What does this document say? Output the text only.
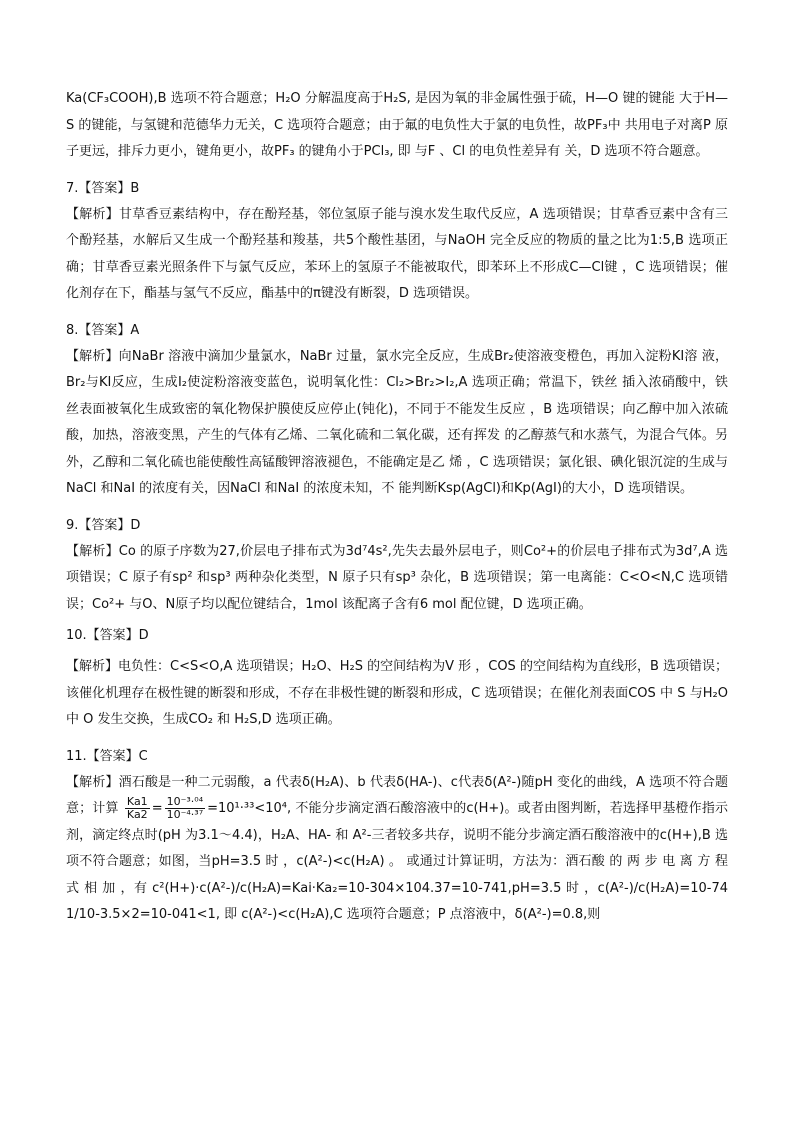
Ka(CF₃COOH),B 选项不符合题意；H₂O 分解温度高于H₂S, 是因为氧的非金属性强于硫，H—O 键的键能 大于H—S 的键能，与氢键和范德华力无关，C 选项符合题意；由于氟的电负性大于氯的电负性，故PF₃中 共用电子对离P 原子更远，排斥力更小，键角更小，故PF₃ 的键角小于PCl₃, 即 与F 、Cl 的电负性差异有 关，D 选项不符合题意。

7.【答案】B

【解析】甘草香豆素结构中，存在酚羟基，邻位氢原子能与溴水发生取代反应，A 选项错误；甘草香豆素中含有三个酚羟基，水解后又生成一个酚羟基和羧基，共5个酸性基团，与NaOH 完全反应的物质的量之比为1:5,B 选项正确；甘草香豆素光照条件下与氯气反应，苯环上的氢原子不能被取代，即苯环上不形成C—Cl键 ，C 选项错误；催化剂存在下，酯基与氢气不反应，酯基中的π键没有断裂，D 选项错误。

8.【答案】A

【解析】向NaBr 溶液中滴加少量氯水，NaBr 过量，氯水完全反应，生成Br₂使溶液变橙色，再加入淀粉KI溶 液，Br₂与KI反应，生成I₂使淀粉溶液变蓝色，说明氧化性：Cl₂>Br₂>I₂,A 选项正确；常温下，铁丝 插入浓硝酸中，铁丝表面被氧化生成致密的氧化物保护膜使反应停止(钝化)，不同于不能发生反应 ，B 选项错误；向乙醇中加入浓硫酸，加热，溶液变黑，产生的气体有乙烯、二氧化硫和二氧化碳，还有挥发 的乙醇蒸气和水蒸气，为混合气体。另外，乙醇和二氧化硫也能使酸性高锰酸钾溶液褪色，不能确定是乙 烯 ，C 选项错误；氯化银、碘化银沉淀的生成与NaCl 和NaI 的浓度有关，因NaCl 和NaI 的浓度未知，不 能判断Ksp(AgCl)和Kp(AgI)的大小，D 选项错误。

9.【答案】D

【解析】Co 的原子序数为27,价层电子排布式为3d⁷4s²,先失去最外层电子，则Co²+的价层电子排布式为3d⁷,A 选项错误；C 原子有sp² 和sp³ 两种杂化类型，N 原子只有sp³ 杂化，B 选项错误；第一电离能：C<O<N,C 选项错误；Co²+ 与O、N原子均以配位键结合，1mol 该配离子含有6 mol 配位键，D 选项正确。

10.【答案】D

【解析】电负性：C<S<O,A 选项错误；H₂O、H₂S 的空间结构为V 形 ，COS 的空间结构为直线形，B 选项错误；该催化机理存在极性键的断裂和形成，不存在非极性键的断裂和形成，C 选项错误；在催化剂表面COS 中 S 与H₂O 中 O 发生交换，生成CO₂ 和 H₂S,D 选项正确。

11.【答案】C

【解析】酒石酸是一种二元弱酸，a 代表δ(H₂A)、b 代表δ(HA-)、c代表δ(A²-)随pH 变化的曲线，A 选项不符合题意；计算 $\frac{Ka1}{Ka2} = \frac{\text{10⁻³·⁰⁴}}{\text{10⁻⁴·³⁷}} =10^1\cdot^{33}<10^4$, 不能分步滴定酒石酸溶液中的c(H+)。或者由图判断，若选择甲基橙作指示剂，滴定终点时(pH 为3.1～4.4)，H₂A、HA- 和 A²-三者较多共存，说明不能分步滴定酒石酸溶液中的c(H+),B 选项不符合题意；如图，当pH=3.5 时 ，c(A²-)<c(H₂A) 。 或通过计算证明，方法为：酒石酸 的 两 步 电 离 方 程 式 相 加 ，有 c²(H+)·c(A²-)/c(H₂A)=Kai·Ka₂=10-304×104.37=10-741,pH=3.5 时 ，c(A²-)/c(H₂A)=10-741/10-3.5×2=10-041<1, 即 c(A²-)<c(H₂A),C 选项符合题意；P 点溶液中，δ(A²-)=0.8,则
